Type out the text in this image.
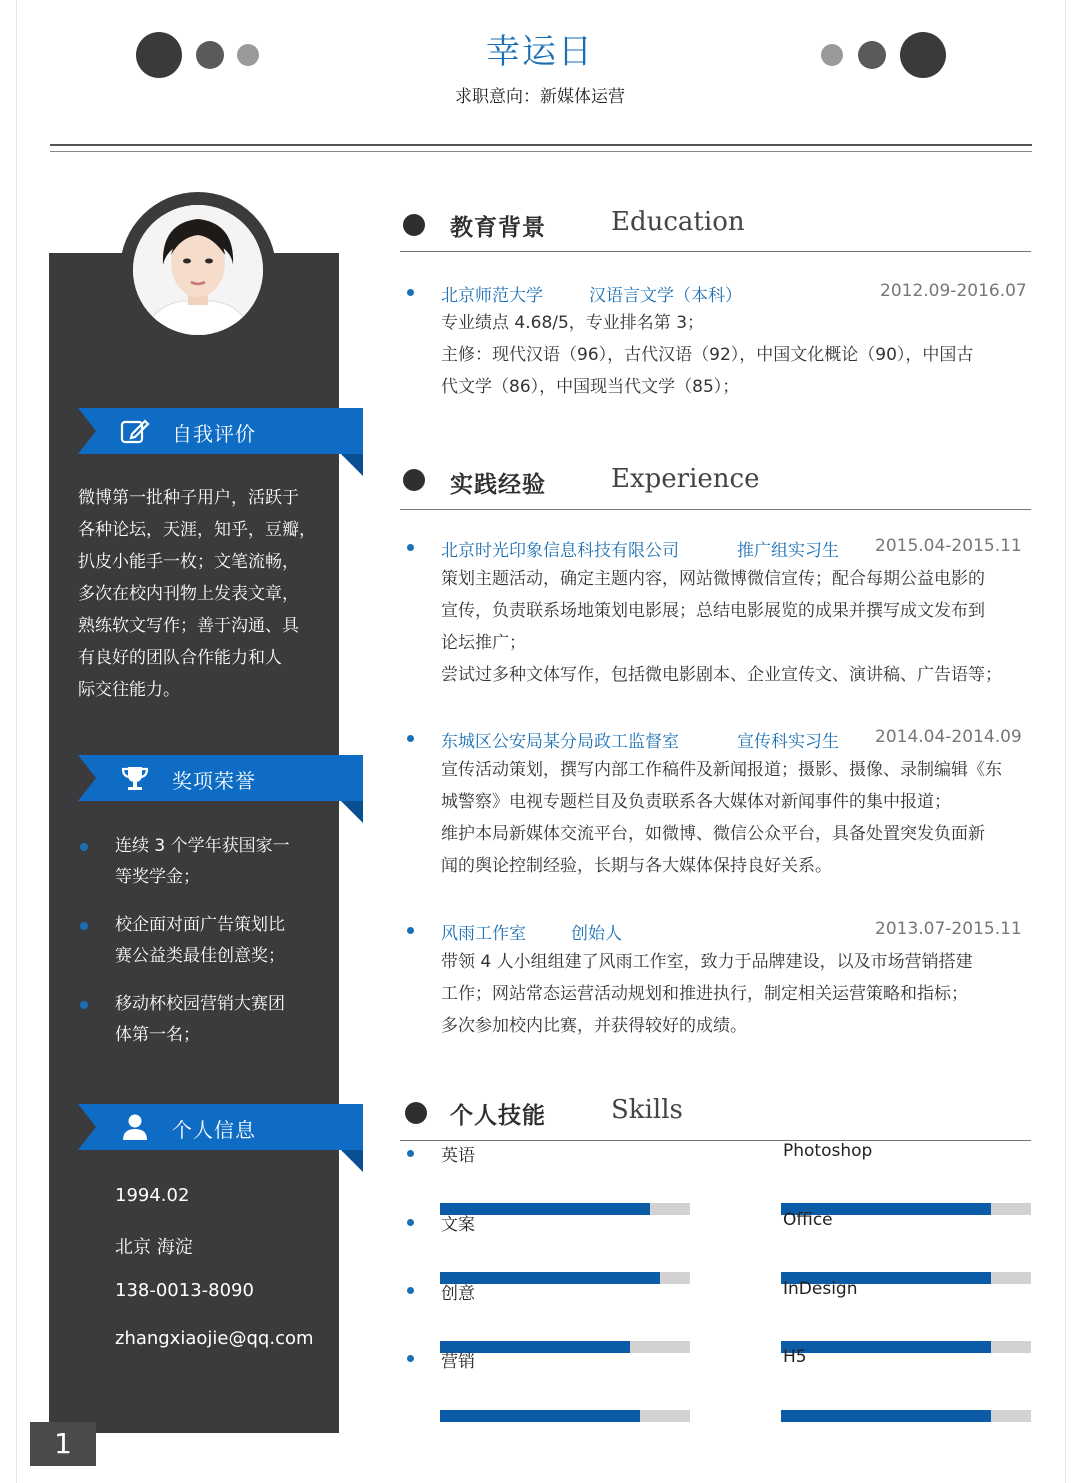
幸运日
求职意向：新媒体运营
自我评价
微博第一批种子用户，活跃于
各种论坛，天涯，知乎，豆瓣，
扒皮小能手一枚；文笔流畅，
多次在校内刊物上发表文章，
熟练软文写作；善于沟通、具
有良好的团队合作能力和人
际交往能力。
奖项荣誉
连续 3 个学年获国家一
等奖学金；
校企面对面广告策划比
赛公益类最佳创意奖；
移动杯校园营销大赛团
体第一名；
个人信息
1994.02
北京 海淀
138-0013-8090
zhangxiaojie@qq.com
1
教育背景	Education
北京师范大学	汉语言文学（本科）	2012.09-2016.07
专业绩点 4.68/5，专业排名第 3；
主修：现代汉语（96），古代汉语（92），中国文化概论（90），中国古
代文学（86），中国现当代文学（85）；
实践经验	Experience
北京时光印象信息科技有限公司	推广组实习生 2015.04-2015.11
策划主题活动，确定主题内容，网站微博微信宣传；配合每期公益电影的
宣传，负责联系场地策划电影展；总结电影展览的成果并撰写成文发布到
论坛推广；
尝试过多种文体写作，包括微电影剧本、企业宣传文、演讲稿、广告语等；
东城区公安局某分局政工监督室	宣传科实习生 2014.04-2014.09
宣传活动策划，撰写内部工作稿件及新闻报道；摄影、摄像、录制编辑《东
城警察》电视专题栏目及负责联系各大媒体对新闻事件的集中报道；
维护本局新媒体交流平台，如微博、微信公众平台，具备处置突发负面新
闻的舆论控制经验，长期与各大媒体保持良好关系。
风雨工作室	创始人	2013.07-2015.11
带领 4 人小组组建了风雨工作室，致力于品牌建设，以及市场营销搭建
工作；网站常态运营活动规划和推进执行，制定相关运营策略和指标；
多次参加校内比赛，并获得较好的成绩。
个人技能	Skills
英语
文案
创意
营销
Photoshop
Office
InDesign
H5
